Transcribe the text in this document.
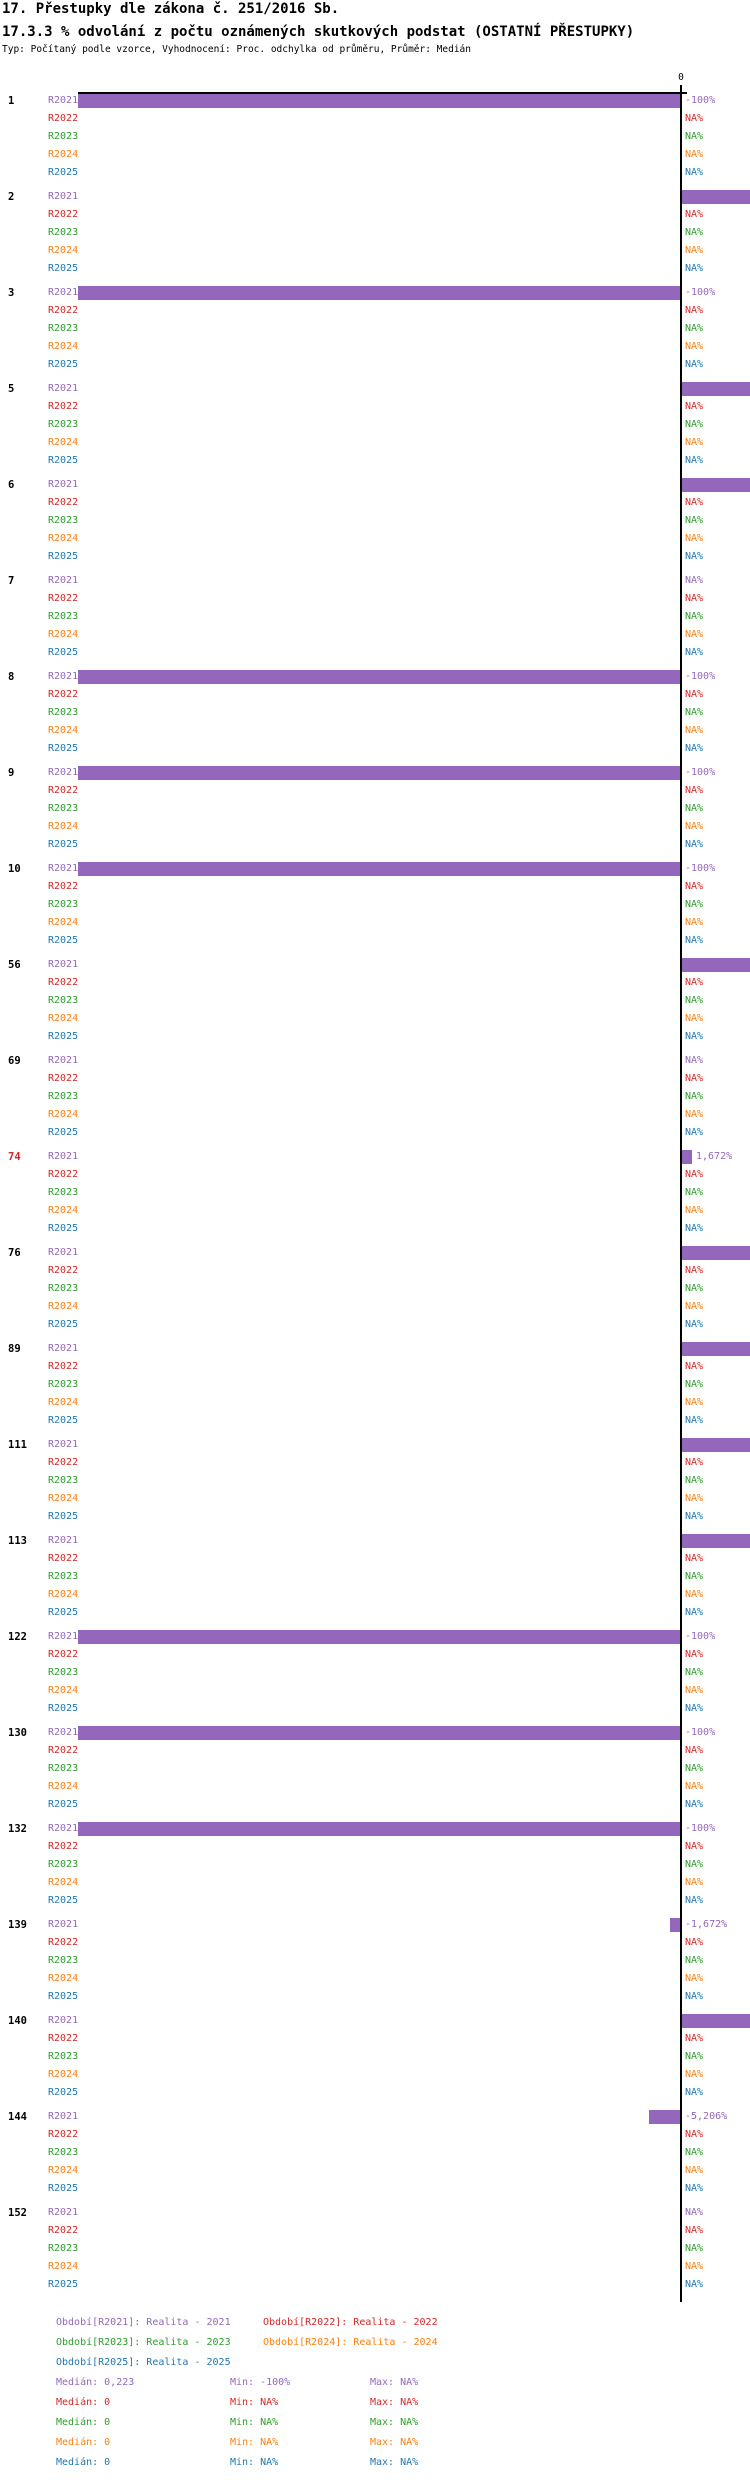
17. Přestupky dle zákona č. 251/2016 Sb.
17.3.3 % odvolání z počtu oznámených skutkových podstat (OSTATNÍ PŘESTUPKY)
Typ: Počítaný podle vzorce, Vyhodnocení: Proc. odchylka od průměru, Průměr: Medián
0
1	R2021	-100%
R2022	NA%
R2023	NA%
R2024	NA%
R2025	NA%
2	R2021
R2022	NA%
R2023	NA%
R2024	NA%
R2025	NA%
3	R2021	-100%
R2022	NA%
R2023	NA%
R2024	NA%
R2025	NA%
5	R2021
R2022	NA%
R2023	NA%
R2024	NA%
R2025	NA%
6	R2021
R2022	NA%
R2023	NA%
R2024	NA%
R2025	NA%
7	R2021	NA%
R2022	NA%
R2023	NA%
R2024	NA%
R2025	NA%
8	R2021	-100%
R2022	NA%
R2023	NA%
R2024	NA%
R2025	NA%
9	R2021	-100%
R2022	NA%
R2023	NA%
R2024	NA%
R2025	NA%
10	R2021	-100%
R2022	NA%
R2023	NA%
R2024	NA%
R2025	NA%
56	R2021
R2022	NA%
R2023	NA%
R2024	NA%
R2025	NA%
69	R2021	NA%
R2022	NA%
R2023	NA%
R2024	NA%
R2025	NA%
74	R2021	1,672%
R2022	NA%
R2023	NA%
R2024	NA%
R2025	NA%
76	R2021
R2022	NA%
R2023	NA%
R2024	NA%
R2025	NA%
89	R2021
R2022	NA%
R2023	NA%
R2024	NA%
R2025	NA%
111 R2021
R2022	NA%
R2023	NA%
R2024	NA%
R2025	NA%
113 R2021
R2022	NA%
R2023	NA%
R2024	NA%
R2025	NA%
122 R2021	-100%
R2022	NA%
R2023	NA%
R2024	NA%
R2025	NA%
130 R2021	-100%
R2022	NA%
R2023	NA%
R2024	NA%
R2025	NA%
132 R2021	-100%
R2022	NA%
R2023	NA%
R2024	NA%
R2025	NA%
139 R2021	-1,672%
R2022	NA%
R2023	NA%
R2024	NA%
R2025	NA%
140 R2021
R2022	NA%
R2023	NA%
R2024	NA%
R2025	NA%
144 R2021	-5,206%
R2022	NA%
R2023	NA%
R2024	NA%
R2025	NA%
152 R2021	NA%
R2022	NA%
R2023	NA%
R2024	NA%
R2025	NA%
Období[R2021]: Realita - 2021	Období[R2022]: Realita - 2022
Období[R2023]: Realita - 2023	Období[R2024]: Realita - 2024
Období[R2025]: Realita - 2025
Medián: 0,223	Min: -100%	Max: NA%
Medián: 0	Min: NA%	Max: NA%
Medián: 0	Min: NA%	Max: NA%
Medián: 0	Min: NA%	Max: NA%
Medián: 0	Min: NA%	Max: NA%
